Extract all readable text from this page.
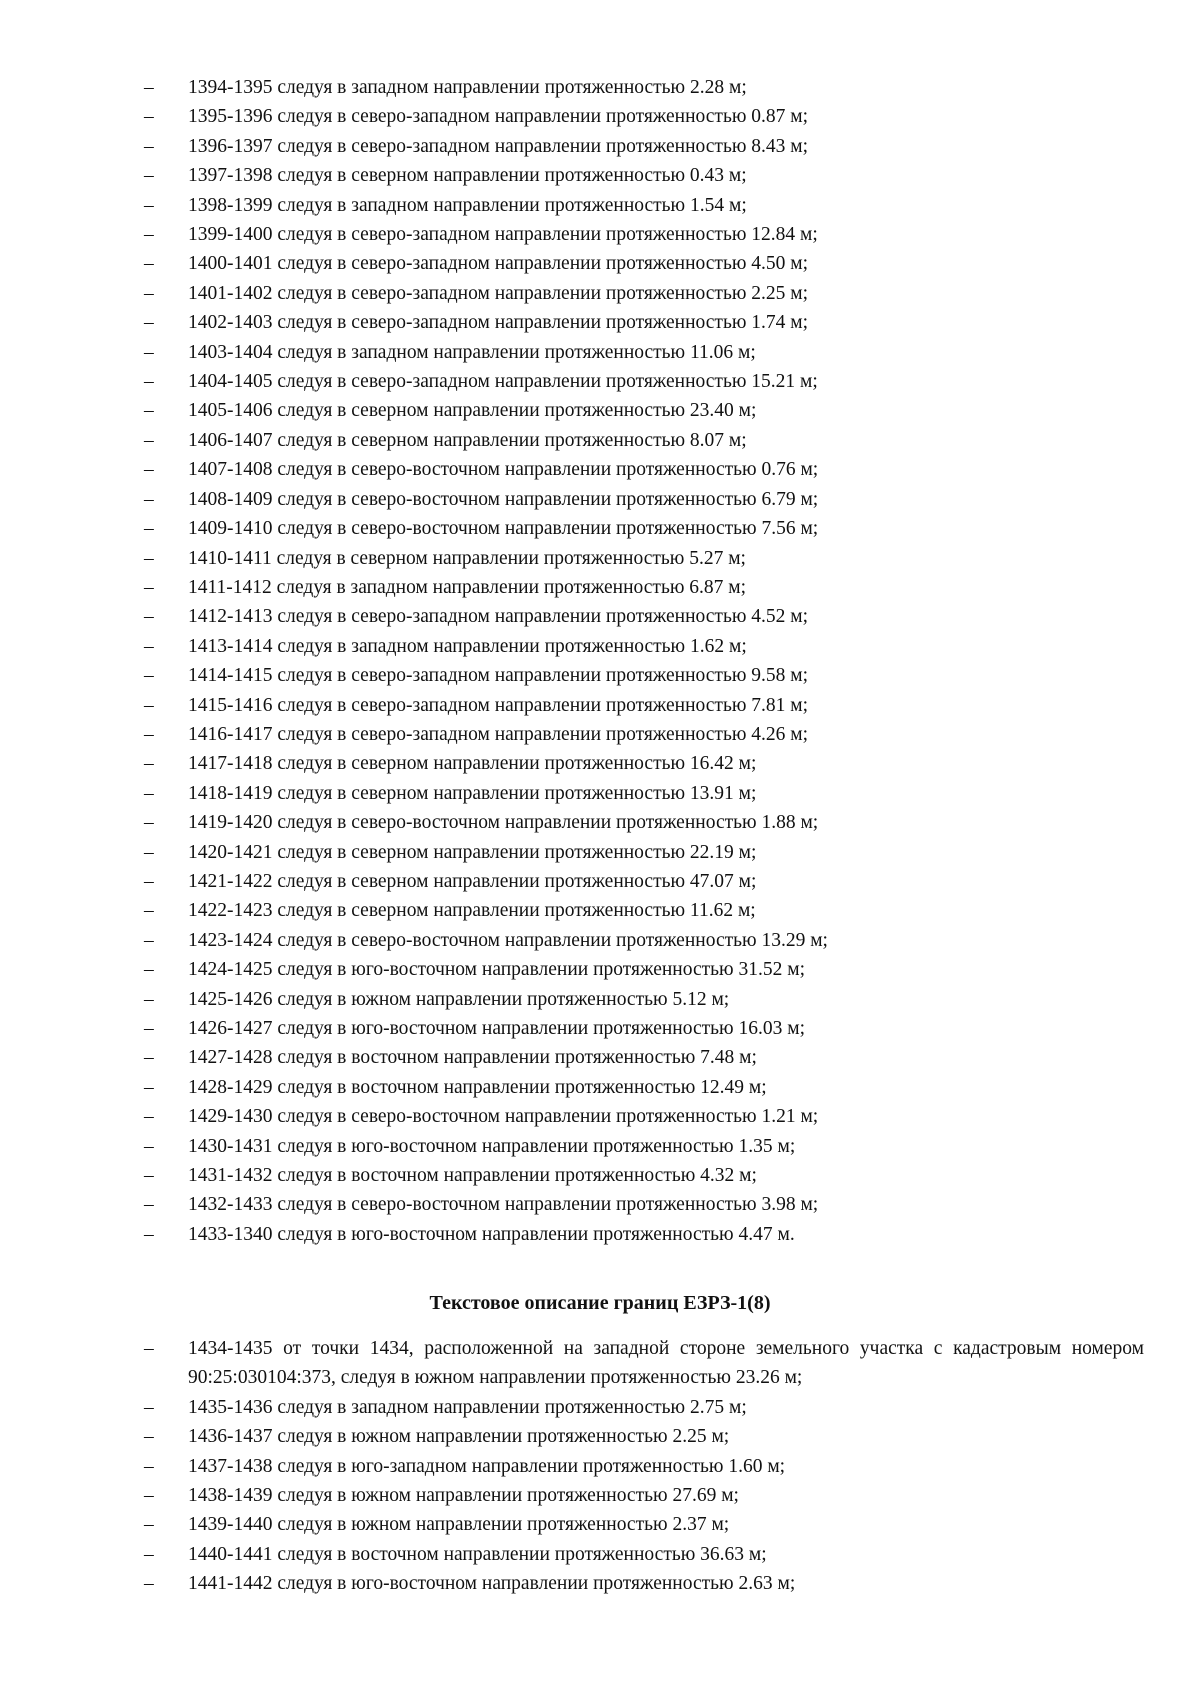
– 1394-1395 следуя в западном направлении протяженностью 2.28 м;
– 1395-1396 следуя в северо-западном направлении протяженностью 0.87 м;
– 1396-1397 следуя в северо-западном направлении протяженностью 8.43 м;
– 1397-1398 следуя в северном направлении протяженностью 0.43 м;
– 1398-1399 следуя в западном направлении протяженностью 1.54 м;
– 1399-1400 следуя в северо-западном направлении протяженностью 12.84 м;
– 1400-1401 следуя в северо-западном направлении протяженностью 4.50 м;
– 1401-1402 следуя в северо-западном направлении протяженностью 2.25 м;
– 1402-1403 следуя в северо-западном направлении протяженностью 1.74 м;
– 1403-1404 следуя в западном направлении протяженностью 11.06 м;
– 1404-1405 следуя в северо-западном направлении протяженностью 15.21 м;
– 1405-1406 следуя в северном направлении протяженностью 23.40 м;
– 1406-1407 следуя в северном направлении протяженностью 8.07 м;
– 1407-1408 следуя в северо-восточном направлении протяженностью 0.76 м;
– 1408-1409 следуя в северо-восточном направлении протяженностью 6.79 м;
– 1409-1410 следуя в северо-восточном направлении протяженностью 7.56 м;
– 1410-1411 следуя в северном направлении протяженностью 5.27 м;
– 1411-1412 следуя в западном направлении протяженностью 6.87 м;
– 1412-1413 следуя в северо-западном направлении протяженностью 4.52 м;
– 1413-1414 следуя в западном направлении протяженностью 1.62 м;
– 1414-1415 следуя в северо-западном направлении протяженностью 9.58 м;
– 1415-1416 следуя в северо-западном направлении протяженностью 7.81 м;
– 1416-1417 следуя в северо-западном направлении протяженностью 4.26 м;
– 1417-1418 следуя в северном направлении протяженностью 16.42 м;
– 1418-1419 следуя в северном направлении протяженностью 13.91 м;
– 1419-1420 следуя в северо-восточном направлении протяженностью 1.88 м;
– 1420-1421 следуя в северном направлении протяженностью 22.19 м;
– 1421-1422 следуя в северном направлении протяженностью 47.07 м;
– 1422-1423 следуя в северном направлении протяженностью 11.62 м;
– 1423-1424 следуя в северо-восточном направлении протяженностью 13.29 м;
– 1424-1425 следуя в юго-восточном направлении протяженностью 31.52 м;
– 1425-1426 следуя в южном направлении протяженностью 5.12 м;
– 1426-1427 следуя в юго-восточном направлении протяженностью 16.03 м;
– 1427-1428 следуя в восточном направлении протяженностью 7.48 м;
– 1428-1429 следуя в восточном направлении протяженностью 12.49 м;
– 1429-1430 следуя в северо-восточном направлении протяженностью 1.21 м;
– 1430-1431 следуя в юго-восточном направлении протяженностью 1.35 м;
– 1431-1432 следуя в восточном направлении протяженностью 4.32 м;
– 1432-1433 следуя в северо-восточном направлении протяженностью 3.98 м;
– 1433-1340 следуя в юго-восточном направлении протяженностью 4.47 м.
Текстовое описание границ ЕЗРЗ-1(8)
– 1434-1435 от точки 1434, расположенной на западной стороне земельного участка с кадастровым номером 90:25:030104:373, следуя в южном направлении протяженностью 23.26 м;
– 1435-1436 следуя в западном направлении протяженностью 2.75 м;
– 1436-1437 следуя в южном направлении протяженностью 2.25 м;
– 1437-1438 следуя в юго-западном направлении протяженностью 1.60 м;
– 1438-1439 следуя в южном направлении протяженностью 27.69 м;
– 1439-1440 следуя в южном направлении протяженностью 2.37 м;
– 1440-1441 следуя в восточном направлении протяженностью 36.63 м;
– 1441-1442 следуя в юго-восточном направлении протяженностью 2.63 м;
